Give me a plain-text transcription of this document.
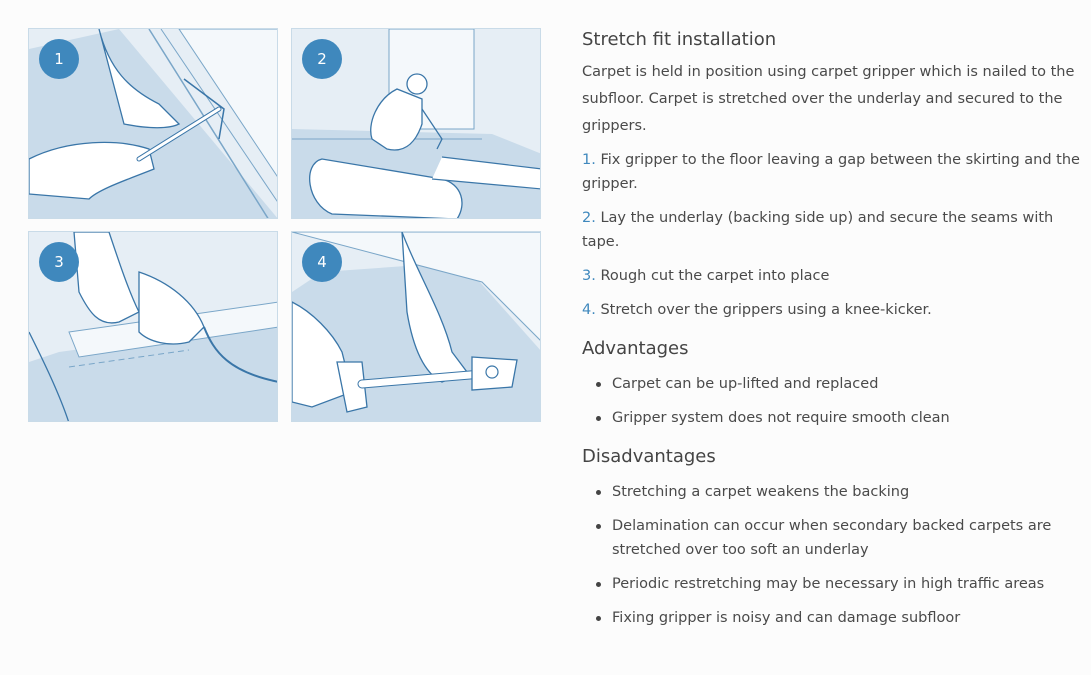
1	2
3	4
Stretch fit installation

Carpet is held in position using carpet gripper which is nailed to the subfloor. Carpet is stretched over the underlay and secured to the grippers.

1. Fix gripper to the floor leaving a gap between the skirting and the gripper.
2. Lay the underlay (backing side up) and secure the seams with tape.
3. Rough cut the carpet into place
4. Stretch over the grippers using a knee-kicker.
Advantages
Carpet can be up-lifted and replaced
Gripper system does not require smooth clean
Disadvantages
Stretching a carpet weakens the backing
Delamination can occur when secondary backed carpets are stretched over too soft an underlay
Periodic restretching may be necessary in high traffic areas
Fixing gripper is noisy and can damage subfloor
